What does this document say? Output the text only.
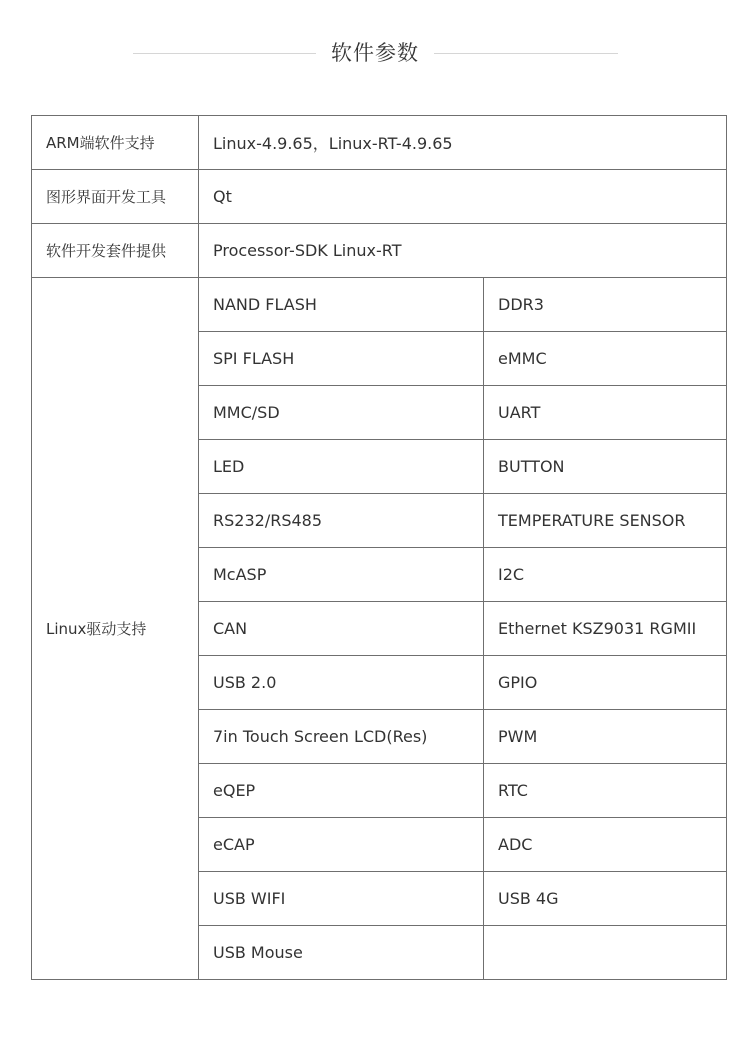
软件参数
ARM端软件支持	Linux-4.9.65，Linux-RT-4.9.65	
图形界面开发工具	Qt	
软件开发套件提供	Processor-SDK Linux-RT	
Linux驱动支持	NAND FLASH	DDR3
	SPI FLASH	eMMC
	MMC/SD	UART
	LED	BUTTON
	RS232/RS485	TEMPERATURE SENSOR
	McASP	I2C
	CAN	Ethernet KSZ9031 RGMII
	USB 2.0	GPIO
	7in Touch Screen LCD(Res)	PWM
	eQEP	RTC
	eCAP	ADC
	USB WIFI	USB 4G
	USB Mouse	
